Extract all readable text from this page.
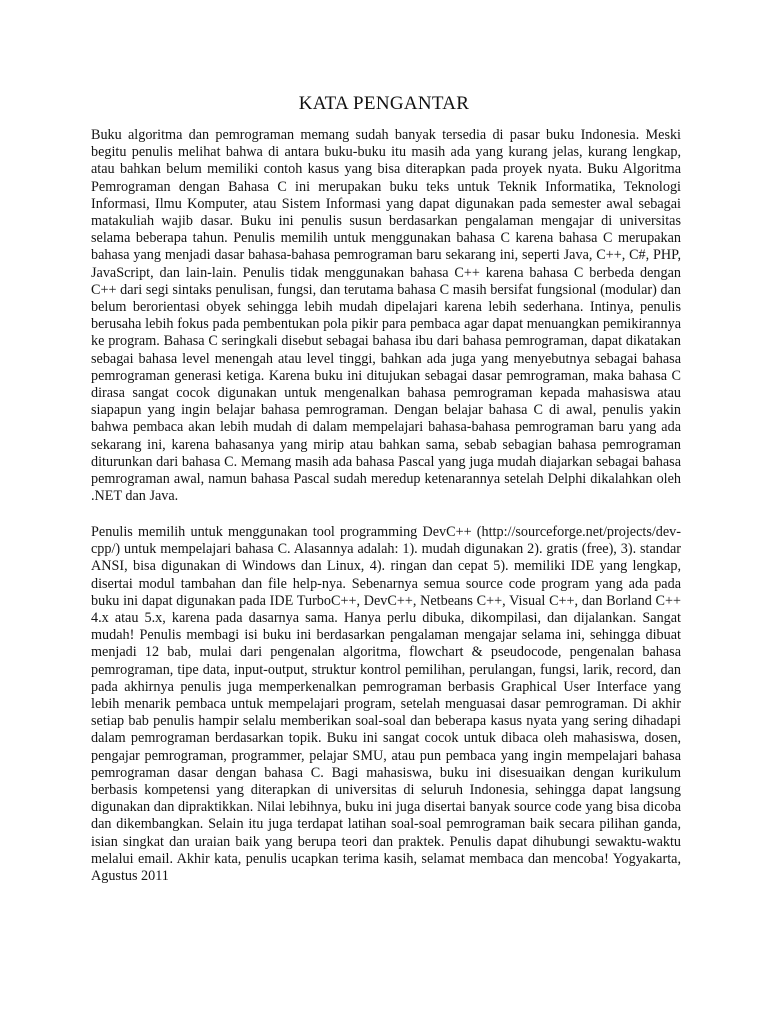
KATA PENGANTAR

Buku algoritma dan pemrograman memang sudah banyak tersedia di pasar buku Indonesia. Meski begitu penulis melihat bahwa di antara buku-buku itu masih ada yang kurang jelas, kurang lengkap, atau bahkan belum memiliki contoh kasus yang bisa diterapkan pada proyek nyata. Buku Algoritma Pemrograman dengan Bahasa C ini merupakan buku teks untuk Teknik Informatika, Teknologi Informasi, Ilmu Komputer, atau Sistem Informasi yang dapat digunakan pada semester awal sebagai matakuliah wajib dasar. Buku ini penulis susun berdasarkan pengalaman mengajar di universitas selama beberapa tahun. Penulis memilih untuk menggunakan bahasa C karena bahasa C merupakan bahasa yang menjadi dasar bahasa-bahasa pemrograman baru sekarang ini, seperti Java, C++, C#, PHP, JavaScript, dan lain-lain. Penulis tidak menggunakan bahasa C++ karena bahasa C berbeda dengan C++ dari segi sintaks penulisan, fungsi, dan terutama bahasa C masih bersifat fungsional (modular) dan belum berorientasi obyek sehingga lebih mudah dipelajari karena lebih sederhana. Intinya, penulis berusaha lebih fokus pada pembentukan pola pikir para pembaca agar dapat menuangkan pemikirannya ke program. Bahasa C seringkali disebut sebagai bahasa ibu dari bahasa pemrograman, dapat dikatakan sebagai bahasa level menengah atau level tinggi, bahkan ada juga yang menyebutnya sebagai bahasa pemrograman generasi ketiga. Karena buku ini ditujukan sebagai dasar pemrograman, maka bahasa C dirasa sangat cocok digunakan untuk mengenalkan bahasa pemrograman kepada mahasiswa atau siapapun yang ingin belajar bahasa pemrograman. Dengan belajar bahasa C di awal, penulis yakin bahwa pembaca akan lebih mudah di dalam mempelajari bahasa-bahasa pemrograman baru yang ada sekarang ini, karena bahasanya yang mirip atau bahkan sama, sebab sebagian bahasa pemrograman diturunkan dari bahasa C. Memang masih ada bahasa Pascal yang juga mudah diajarkan sebagai bahasa pemrograman awal, namun bahasa Pascal sudah meredup ketenarannya setelah Delphi dikalahkan oleh .NET dan Java.

Penulis memilih untuk menggunakan tool programming DevC++ (http://sourceforge.net/projects/dev-cpp/) untuk mempelajari bahasa C. Alasannya adalah: 1). mudah digunakan 2). gratis (free), 3). standar ANSI, bisa digunakan di Windows dan Linux, 4). ringan dan cepat 5). memiliki IDE yang lengkap, disertai modul tambahan dan file help-nya. Sebenarnya semua source code program yang ada pada buku ini dapat digunakan pada IDE TurboC++, DevC++, Netbeans C++, Visual C++, dan Borland C++ 4.x atau 5.x, karena pada dasarnya sama. Hanya perlu dibuka, dikompilasi, dan dijalankan. Sangat mudah! Penulis membagi isi buku ini berdasarkan pengalaman mengajar selama ini, sehingga dibuat menjadi 12 bab, mulai dari pengenalan algoritma, flowchart & pseudocode, pengenalan bahasa pemrograman, tipe data, input-output, struktur kontrol pemilihan, perulangan, fungsi, larik, record, dan pada akhirnya penulis juga memperkenalkan pemrograman berbasis Graphical User Interface yang lebih menarik pembaca untuk mempelajari program, setelah menguasai dasar pemrograman. Di akhir setiap bab penulis hampir selalu memberikan soal-soal dan beberapa kasus nyata yang sering dihadapi dalam pemrograman berdasarkan topik. Buku ini sangat cocok untuk dibaca oleh mahasiswa, dosen, pengajar pemrograman, programmer, pelajar SMU, atau pun pembaca yang ingin mempelajari bahasa pemrograman dasar dengan bahasa C. Bagi mahasiswa, buku ini disesuaikan dengan kurikulum berbasis kompetensi yang diterapkan di universitas di seluruh Indonesia, sehingga dapat langsung digunakan dan dipraktikkan. Nilai lebihnya, buku ini juga disertai banyak source code yang bisa dicoba dan dikembangkan. Selain itu juga terdapat latihan soal-soal pemrograman baik secara pilihan ganda, isian singkat dan uraian baik yang berupa teori dan praktek. Penulis dapat dihubungi sewaktu-waktu melalui email. Akhir kata, penulis ucapkan terima kasih, selamat membaca dan mencoba! Yogyakarta, Agustus 2011
